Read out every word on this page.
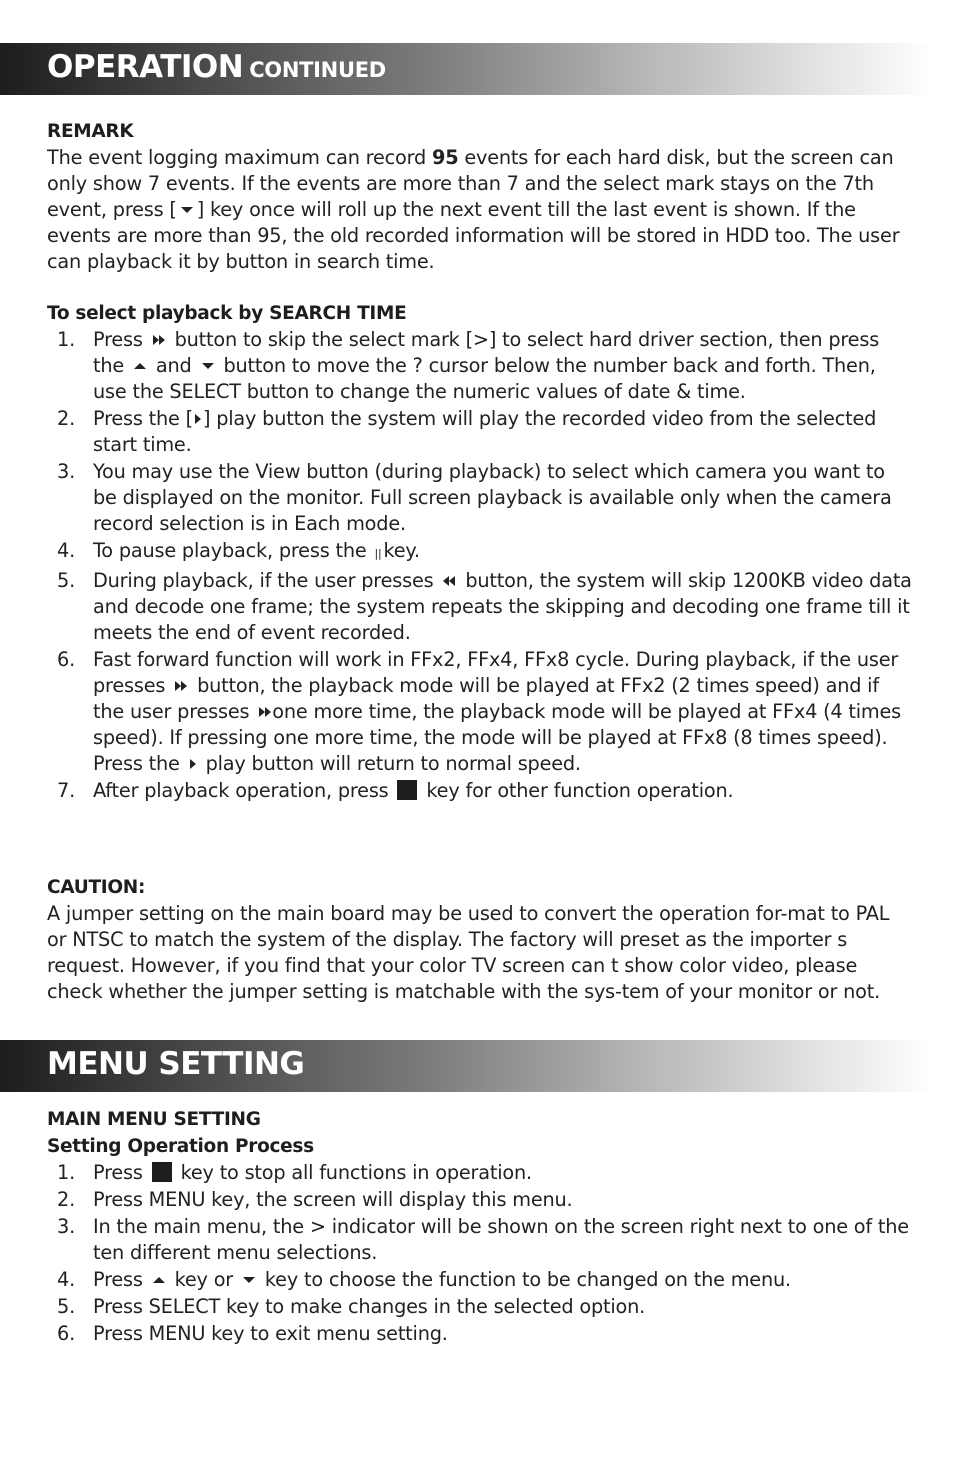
OPERATION CONTINUED
REMARK

The event logging maximum can record 95 events for each hard disk, but the screen can only show 7 events. If the events are more than 7 and the select mark stays on the 7th event, press [ ] key once will roll up the next event till the last event is shown. If the events are more than 95, the old recorded information will be stored in HDD too. The user can playback it by button in search time.

To select playback by SEARCH TIME
1. Press  button to skip the select mark [>] to select hard driver section, then press the  and  button to move the ? cursor below the number back and forth. Then, use the SELECT button to change the numeric values of date & time.
2. Press the [ ] play button the system will play the recorded video from the selected start time.
3. You may use the View button (during playback) to select which camera you want to be displayed on the monitor. Full screen playback is available only when the camera record selection is in Each mode.
4. To pause playback, press the || key.
5. During playback, if the user presses  button, the system will skip 1200KB video data and decode one frame; the system repeats the skipping and decoding one frame till it meets the end of event recorded.
6. Fast forward function will work in FFx2, FFx4, FFx8 cycle. During playback, if the user presses  button, the playback mode will be played at FFx2 (2 times speed) and if the user presses one more time, the playback mode will be played at FFx4 (4 times speed). If pressing one more time, the mode will be played at FFx8 (8 times speed). Press the  play button will return to normal speed.
7. After playback operation, press  key for other function operation.
CAUTION:

A jumper setting on the main board may be used to convert the operation for-mat to PAL or NTSC to match the system of the display. The factory will preset as the importer s request. However, if you find that your color TV screen can t show color video, please check whether the jumper setting is matchable with the sys-tem of your monitor or not.

MENU SETTING
MAIN MENU SETTING
Setting Operation Process
1. Press  key to stop all functions in operation.
2. Press MENU key, the screen will display this menu.
3. In the main menu, the > indicator will be shown on the screen right next to one of the ten different menu selections.
4. Press  key or  key to choose the function to be changed on the menu.
5. Press SELECT key to make changes in the selected option.
6. Press MENU key to exit menu setting.
